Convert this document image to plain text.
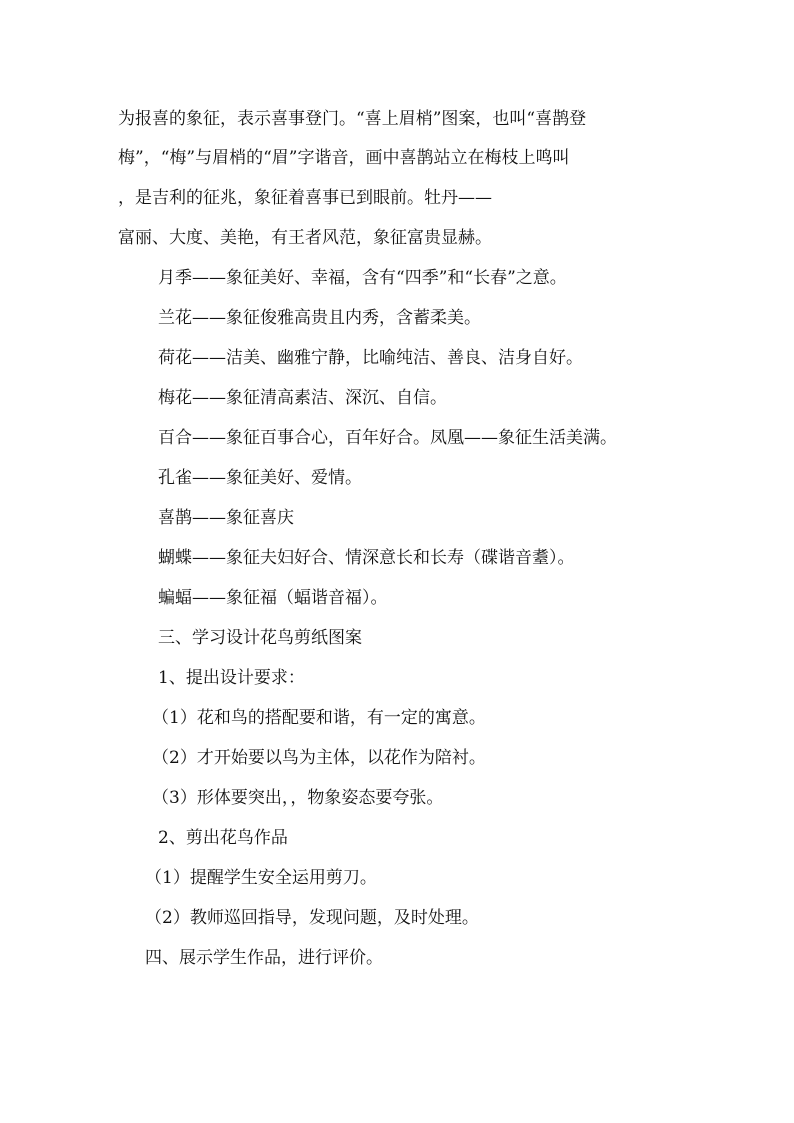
为报喜的象征，表示喜事登门。“喜上眉梢”图案，也叫“喜鹊登
梅”，“梅”与眉梢的“眉”字谐音，画中喜鹊站立在梅枝上鸣叫
，是吉利的征兆，象征着喜事已到眼前。牡丹——
富丽、大度、美艳，有王者风范，象征富贵显赫。
月季——象征美好、幸福，含有“四季”和“长春”之意。
兰花——象征俊雅高贵且内秀，含蓄柔美。
荷花——洁美、幽雅宁静，比喻纯洁、善良、洁身自好。
梅花——象征清高素洁、深沉、自信。
百合——象征百事合心，百年好合。凤凰——象征生活美满。
孔雀——象征美好、爱情。
喜鹊——象征喜庆
蝴蝶——象征夫妇好合、情深意长和长寿（碟谐音耋）。
蝙蝠——象征福（蝠谐音福）。
三、学习设计花鸟剪纸图案
1、提出设计要求：
（1）花和鸟的搭配要和谐，有一定的寓意。
（2）才开始要以鸟为主体，以花作为陪衬。
（3）形体要突出，，物象姿态要夸张。
2、剪出花鸟作品
（1）提醒学生安全运用剪刀。
（2）教师巡回指导，发现问题，及时处理。
四、展示学生作品，进行评价。
